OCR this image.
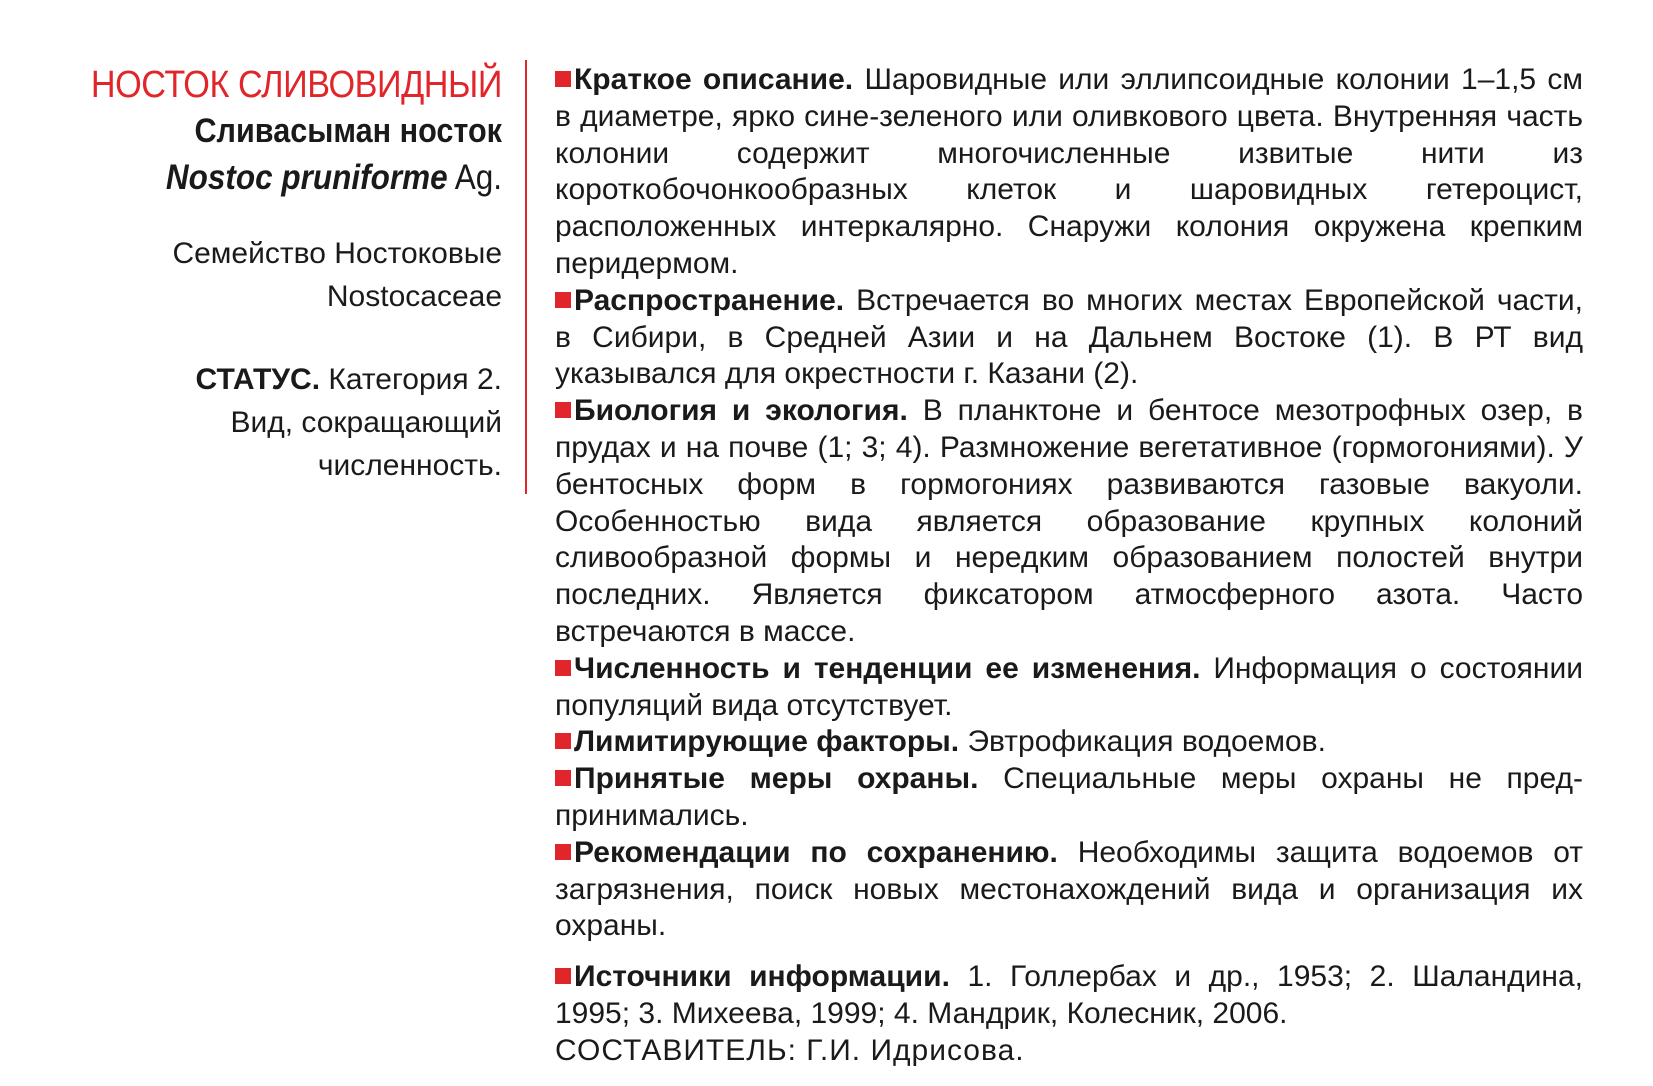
НОСТОК СЛИВОВИДНЫЙ
Сливасыман носток
Nostoc pruniforme Ag.
Семейство Ностоковые
Nostocaceae
СТАТУС. Категория 2.
Вид, сокращающий
численность.

Краткое описание. Шаровидные или эллипсоидные колонии 1–1,5 см в диаметре, ярко сине-зеленого или оливкового цвета. Внутренняя часть колонии содержит многочисленные извитые нити из короткобочонкообразных клеток и шаровидных гетероцист, расположенных интеркалярно. Снаружи колония окружена крепким перидермом.

Распространение. Встречается во многих местах Европейской части, в Сибири, в Средней Азии и на Дальнем Востоке (1). В РТ вид указывался для окрестности г. Казани (2).

Биология и экология. В планктоне и бентосе мезотрофных озер, в прудах и на почве (1; 3; 4). Размножение вегетативное (гормогониями). У бентосных форм в гормогониях развиваются газовые вакуоли. Особенностью вида является образование крупных колоний сливообразной формы и нередким образованием полостей внутри последних. Является фиксатором атмосферного азота. Часто встречаются в массе.

Численность и тенденции ее изменения. Информация о состоянии популяций вида отсутствует.

Лимитирующие факторы. Эвтрофикация водоемов.

Принятые меры охраны. Специальные меры охраны не предпринимались.

Рекомендации по сохранению. Необходимы защита водоемов от загрязнения, поиск новых местонахождений вида и организация их охраны.

Источники информации. 1. Голлербах и др., 1953; 2. Шаландина, 1995; 3. Михеева, 1999; 4. Мандрик, Колесник, 2006.

СОСТАВИТЕЛЬ: Г.И. Идрисова.
